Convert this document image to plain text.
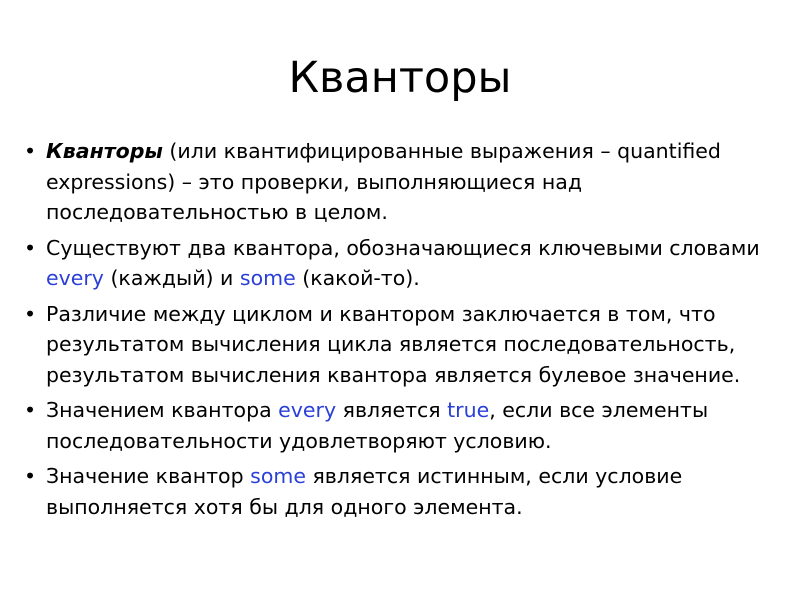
Кванторы
• Кванторы (или квантифицированные выражения – quantified expressions) – это проверки, выполняющиеся над последовательностью в целом.
• Существуют два квантора, обозначающиеся ключевыми словами every (каждый) и some (какой-то).
• Различие между циклом и квантором заключается в том, что результатом вычисления цикла является последовательность, результатом вычисления квантора является булевое значение.
• Значением квантора every является true, если все элементы последовательности удовлетворяют условию.
• Значение квантор some является истинным, если условие выполняется хотя бы для одного элемента.
